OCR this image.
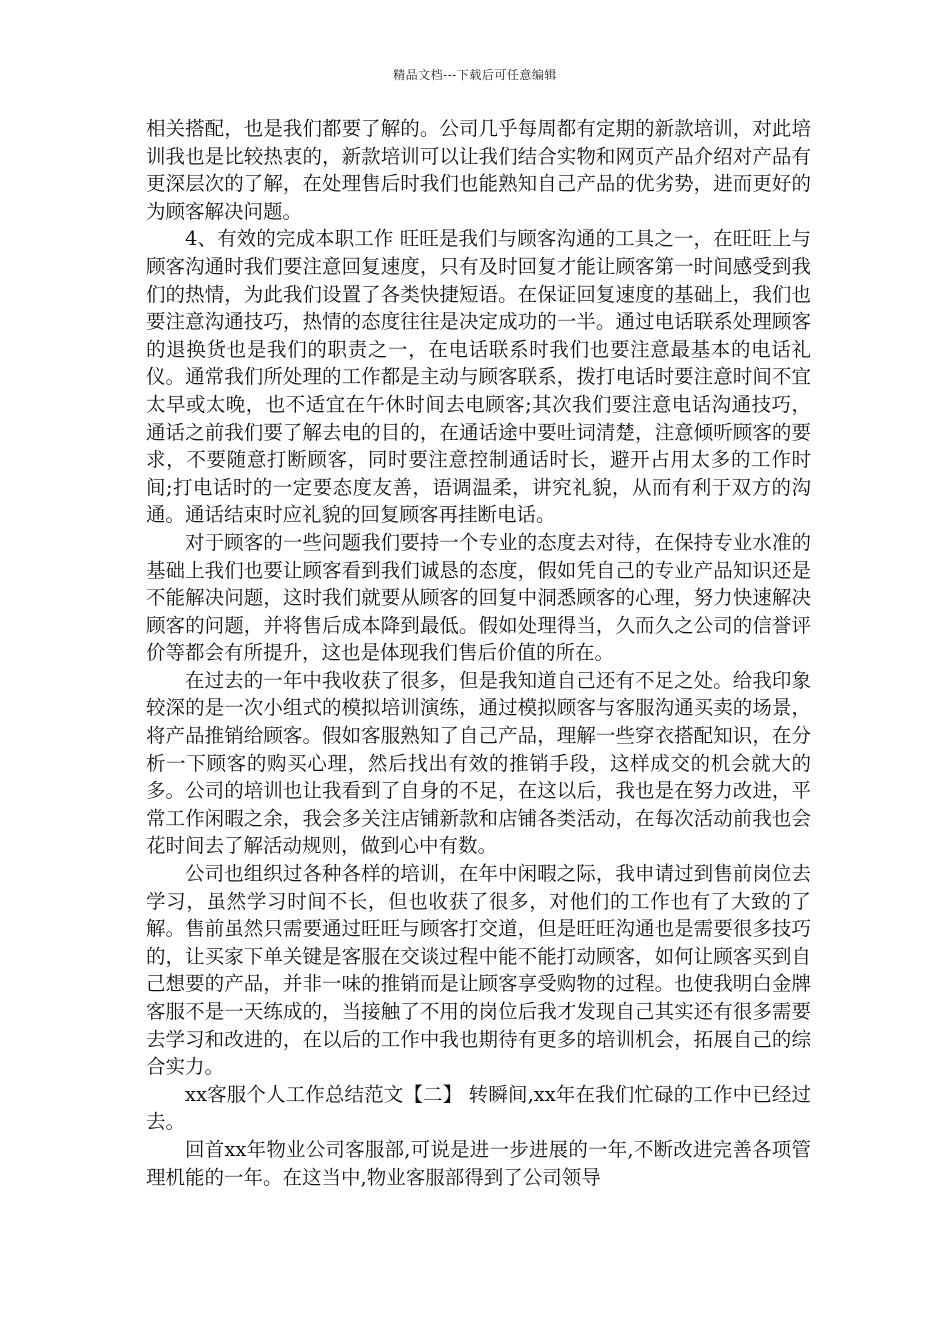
精品文档---下载后可任意编辑

相关搭配，也是我们都要了解的。公司几乎每周都有定期的新款培训，对此培训我也是比较热衷的，新款培训可以让我们结合实物和网页产品介绍对产品有更深层次的了解，在处理售后时我们也能熟知自己产品的优劣势，进而更好的为顾客解决问题。

4、有效的完成本职工作 旺旺是我们与顾客沟通的工具之一，在旺旺上与顾客沟通时我们要注意回复速度，只有及时回复才能让顾客第一时间感受到我们的热情，为此我们设置了各类快捷短语。在保证回复速度的基础上，我们也要注意沟通技巧，热情的态度往往是决定成功的一半。通过电话联系处理顾客的退换货也是我们的职责之一，在电话联系时我们也要注意最基本的电话礼仪。通常我们所处理的工作都是主动与顾客联系，拨打电话时要注意时间不宜太早或太晚，也不适宜在午休时间去电顾客;其次我们要注意电话沟通技巧，通话之前我们要了解去电的目的，在通话途中要吐词清楚，注意倾听顾客的要求，不要随意打断顾客，同时要注意控制通话时长，避开占用太多的工作时间;打电话时的一定要态度友善，语调温柔，讲究礼貌，从而有利于双方的沟通。通话结束时应礼貌的回复顾客再挂断电话。

对于顾客的一些问题我们要持一个专业的态度去对待，在保持专业水准的基础上我们也要让顾客看到我们诚恳的态度，假如凭自己的专业产品知识还是不能解决问题，这时我们就要从顾客的回复中洞悉顾客的心理，努力快速解决顾客的问题，并将售后成本降到最低。假如处理得当，久而久之公司的信誉评价等都会有所提升，这也是体现我们售后价值的所在。

在过去的一年中我收获了很多，但是我知道自己还有不足之处。给我印象较深的是一次小组式的模拟培训演练，通过模拟顾客与客服沟通买卖的场景，将产品推销给顾客。假如客服熟知了自己产品，理解一些穿衣搭配知识，在分析一下顾客的购买心理，然后找出有效的推销手段，这样成交的机会就大的多。公司的培训也让我看到了自身的不足，在这以后，我也是在努力改进，平常工作闲暇之余，我会多关注店铺新款和店铺各类活动，在每次活动前我也会花时间去了解活动规则，做到心中有数。

公司也组织过各种各样的培训，在年中闲暇之际，我申请过到售前岗位去学习，虽然学习时间不长，但也收获了很多，对他们的工作也有了大致的了解。售前虽然只需要通过旺旺与顾客打交道，但是旺旺沟通也是需要很多技巧的，让买家下单关键是客服在交谈过程中能不能打动顾客，如何让顾客买到自己想要的产品，并非一味的推销而是让顾客享受购物的过程。也使我明白金牌客服不是一天练成的，当接触了不用的岗位后我才发现自己其实还有很多需要去学习和改进的，在以后的工作中我也期待有更多的培训机会，拓展自己的综合实力。

xx客服个人工作总结范文【二】 转瞬间,xx年在我们忙碌的工作中已经过去。

回首xx年物业公司客服部,可说是进一步进展的一年,不断改进完善各项管理机能的一年。在这当中,物业客服部得到了公司领导
